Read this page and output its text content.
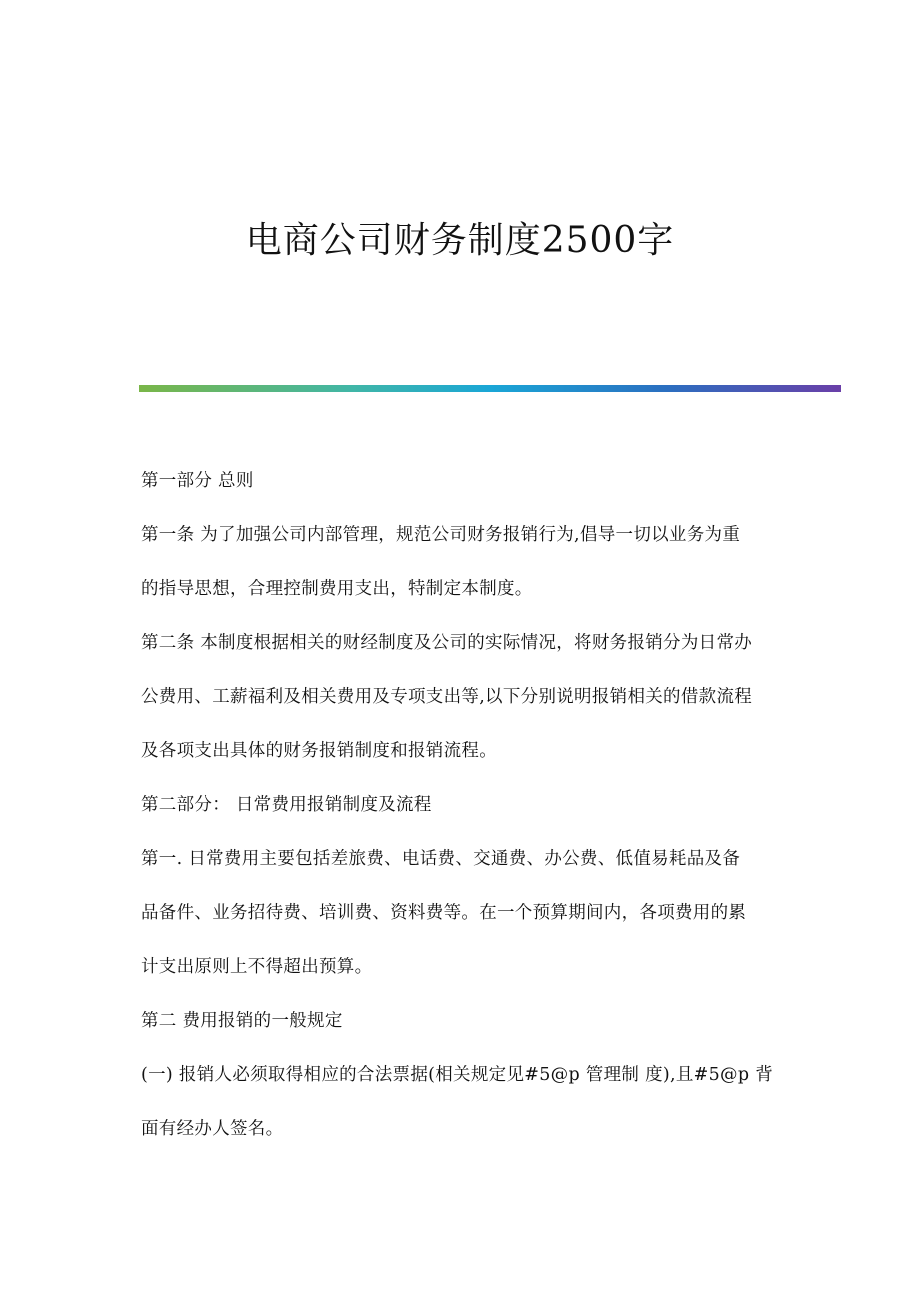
电商公司财务制度2500字
第一部分 总则
第一条 为了加强公司内部管理，规范公司财务报销行为,倡导一切以业务为重
的指导思想，合理控制费用支出，特制定本制度。
第二条 本制度根据相关的财经制度及公司的实际情况，将财务报销分为日常办
公费用、工薪福利及相关费用及专项支出等,以下分别说明报销相关的借款流程
及各项支出具体的财务报销制度和报销流程。
第二部分： 日常费用报销制度及流程
第一. 日常费用主要包括差旅费、电话费、交通费、办公费、低值易耗品及备
品备件、业务招待费、培训费、资料费等。在一个预算期间内，各项费用的累
计支出原则上不得超出预算。
第二 费用报销的一般规定
(一) 报销人必须取得相应的合法票据(相关规定见#5@p 管理制 度),且#5@p 背
面有经办人签名。
